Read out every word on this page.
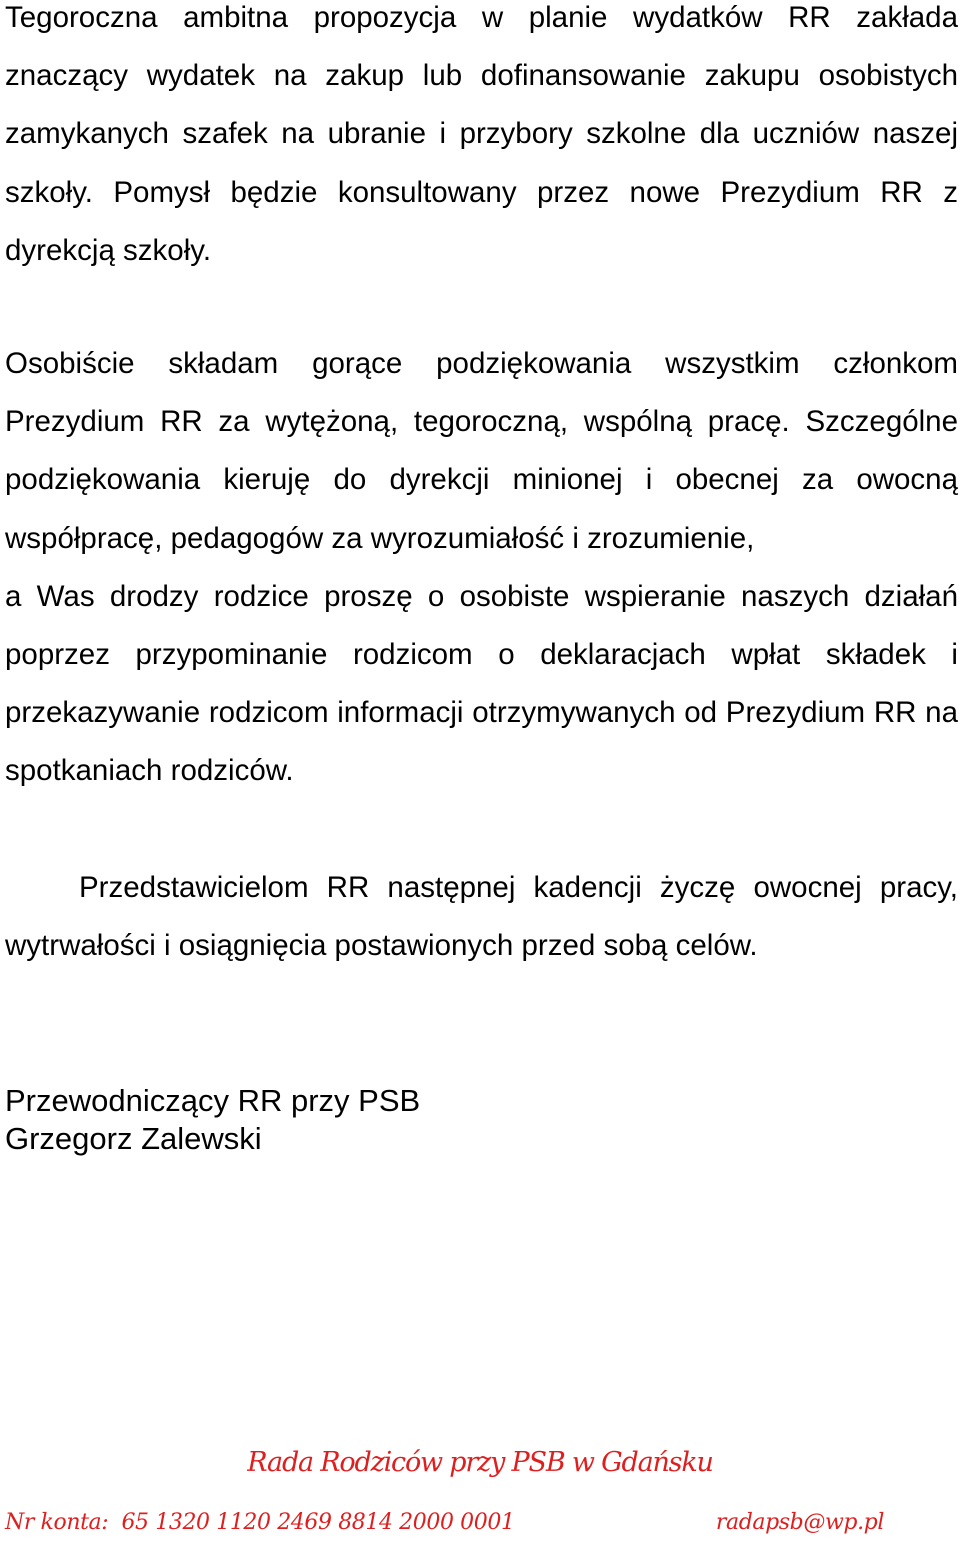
Tegoroczna ambitna propozycja w planie wydatków RR zakłada znaczący wydatek na zakup lub dofinansowanie zakupu osobistych zamykanych szafek na ubranie i przybory szkolne dla uczniów naszej szkoły. Pomysł będzie konsultowany przez nowe Prezydium RR z dyrekcją szkoły.

Osobiście składam gorące podziękowania wszystkim członkom Prezydium RR za wytężoną, tegoroczną, wspólną pracę. Szczególne podziękowania kieruję do dyrekcji minionej i obecnej za owocną współpracę, pedagogów za wyrozumiałość i zrozumienie,
a Was drodzy rodzice proszę o osobiste wspieranie naszych działań poprzez przypominanie rodzicom o deklaracjach wpłat składek i przekazywanie rodzicom informacji otrzymywanych od Prezydium RR na spotkaniach rodziców.

Przedstawicielom RR następnej kadencji życzę owocnej pracy, wytrwałości i osiągnięcia postawionych przed sobą celów.

Przewodniczący RR przy PSB
Grzegorz Zalewski
Rada Rodziców przy PSB w Gdańsku
Nr konta:  65 1320 1120 2469 8814 2000 0001	radapsb@wp.pl
